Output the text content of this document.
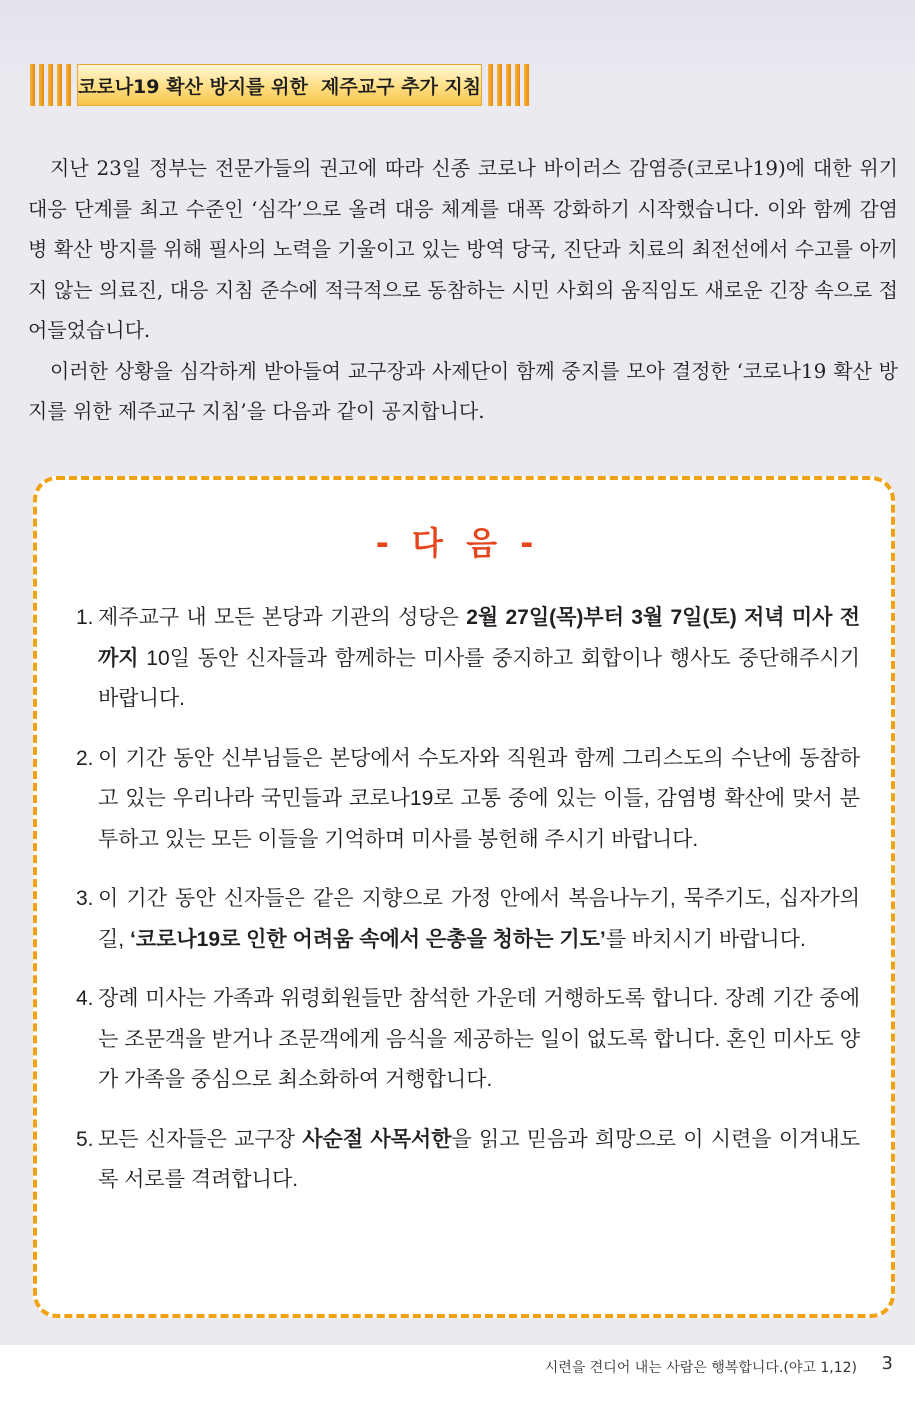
코로나19 확산 방지를 위한  제주교구 추가 지침

지난 23일 정부는 전문가들의 권고에 따라 신종 코로나 바이러스 감염증(코로나19)에 대한 위기 대응 단계를 최고 수준인 ‘심각’으로 올려 대응 체계를 대폭 강화하기 시작했습니다. 이와 함께 감염병 확산 방지를 위해 필사의 노력을 기울이고 있는 방역 당국, 진단과 치료의 최전선에서 수고를 아끼지 않는 의료진, 대응 지침 준수에 적극적으로 동참하는 시민 사회의 움직임도 새로운 긴장 속으로 접어들었습니다.

이러한 상황을 심각하게 받아들여 교구장과 사제단이 함께 중지를 모아 결정한 ‘코로나19 확산 방지를 위한 제주교구 지침’을 다음과 같이 공지합니다.

- 다 음 -
1. 제주교구 내 모든 본당과 기관의 성당은 2월 27일(목)부터 3월 7일(토) 저녁 미사 전까지 10일 동안 신자들과 함께하는 미사를 중지하고 회합이나 행사도 중단해주시기 바랍니다.
2. 이 기간 동안 신부님들은 본당에서 수도자와 직원과 함께 그리스도의 수난에 동참하고 있는 우리나라 국민들과 코로나19로 고통 중에 있는 이들, 감염병 확산에 맞서 분투하고 있는 모든 이들을 기억하며 미사를 봉헌해 주시기 바랍니다.
3. 이 기간 동안 신자들은 같은 지향으로 가정 안에서 복음나누기, 묵주기도, 십자가의 길, ‘코로나19로 인한 어려움 속에서 은총을 청하는 기도’를 바치시기 바랍니다.
4. 장례 미사는 가족과 위령회원들만 참석한 가운데 거행하도록 합니다. 장례 기간 중에는 조문객을 받거나 조문객에게 음식을 제공하는 일이 없도록 합니다. 혼인 미사도 양가 가족을 중심으로 최소화하여 거행합니다.
5. 모든 신자들은 교구장 사순절 사목서한을 읽고 믿음과 희망으로 이 시련을 이겨내도록 서로를 격려합니다.
시련을 견디어 내는 사람은 행복합니다.(야고 1,12) 3
